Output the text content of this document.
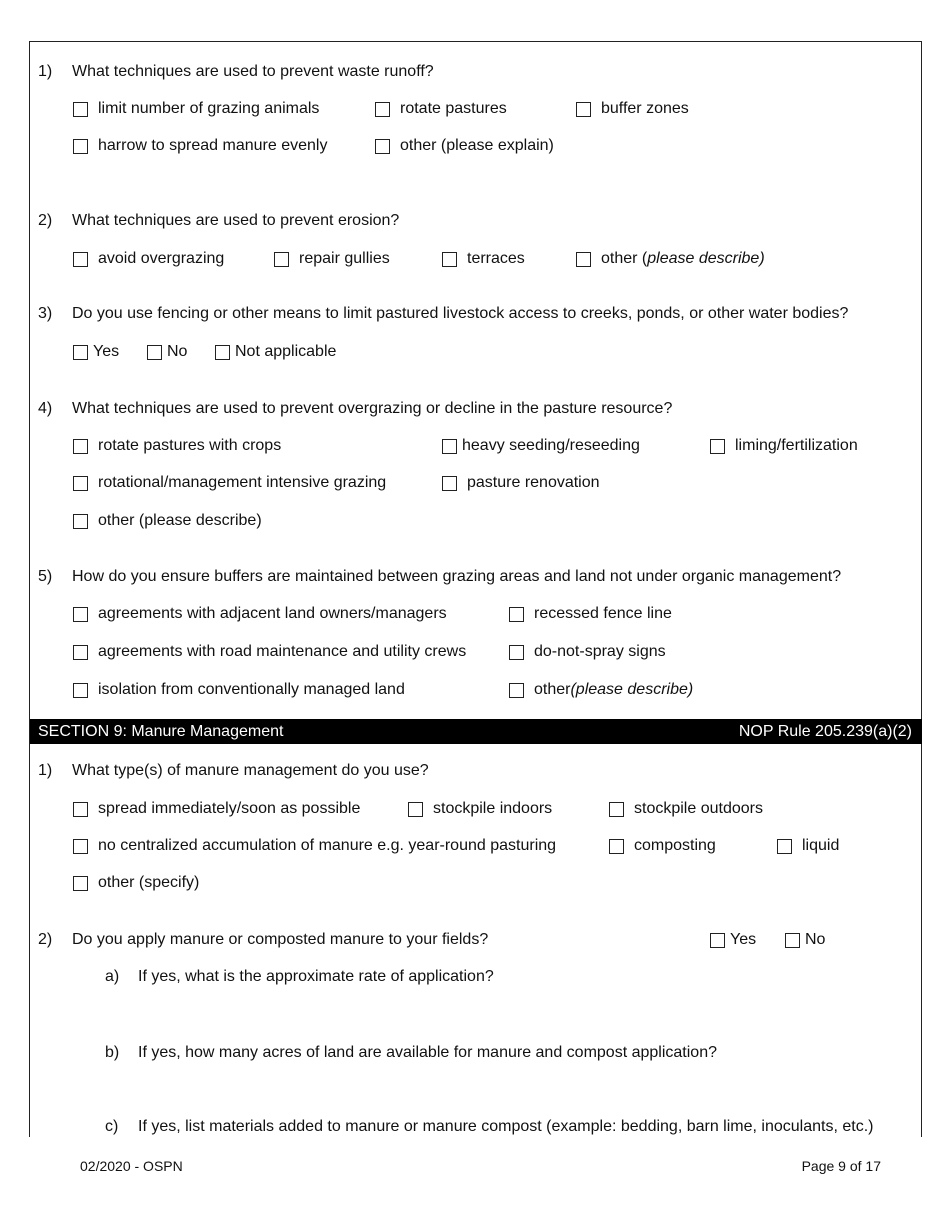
1) What techniques are used to prevent waste runoff?
limit number of grazing animals	rotate pastures	buffer zones
harrow to spread manure evenly	other (please explain)
2) What techniques are used to prevent erosion?
avoid overgrazing	repair gullies	terraces	other ( please describe)
3) Do you use fencing or other means to limit pastured livestock access to creeks, ponds, or other water bodies?
Yes	No	Not applicable
4) What techniques are used to prevent overgrazing or decline in the pasture resource?
rotate pastures with crops	heavy seeding/reseeding	liming/fertilization
rotational/management intensive grazing	pasture renovation
other (please describe)
5) How do you ensure buffers are maintained between grazing areas and land not under organic management?
agreements with adjacent land owners/managers	recessed fence line
agreements with road maintenance and utility crews	do-not-spray signs
isolation from conventionally managed land	other (please describe)
SECTION 9: Manure Management	NOP Rule 205.239(a)(2)
1) What type(s) of manure management do you use?
spread immediately/soon as possible	stockpile indoors	stockpile outdoors
no centralized accumulation of manure e.g. year-round pasturing	composting	liquid
other (specify)
2) Do you apply manure or composted manure to your fields?	Yes	No
a) If yes, what is the approximate rate of application?
b) If yes, how many acres of land are available for manure and compost application?
c) If yes, list materials added to manure or manure compost (example: bedding, barn lime, inoculants, etc.)
02/2020 - OSPN	Page 9 of 17
